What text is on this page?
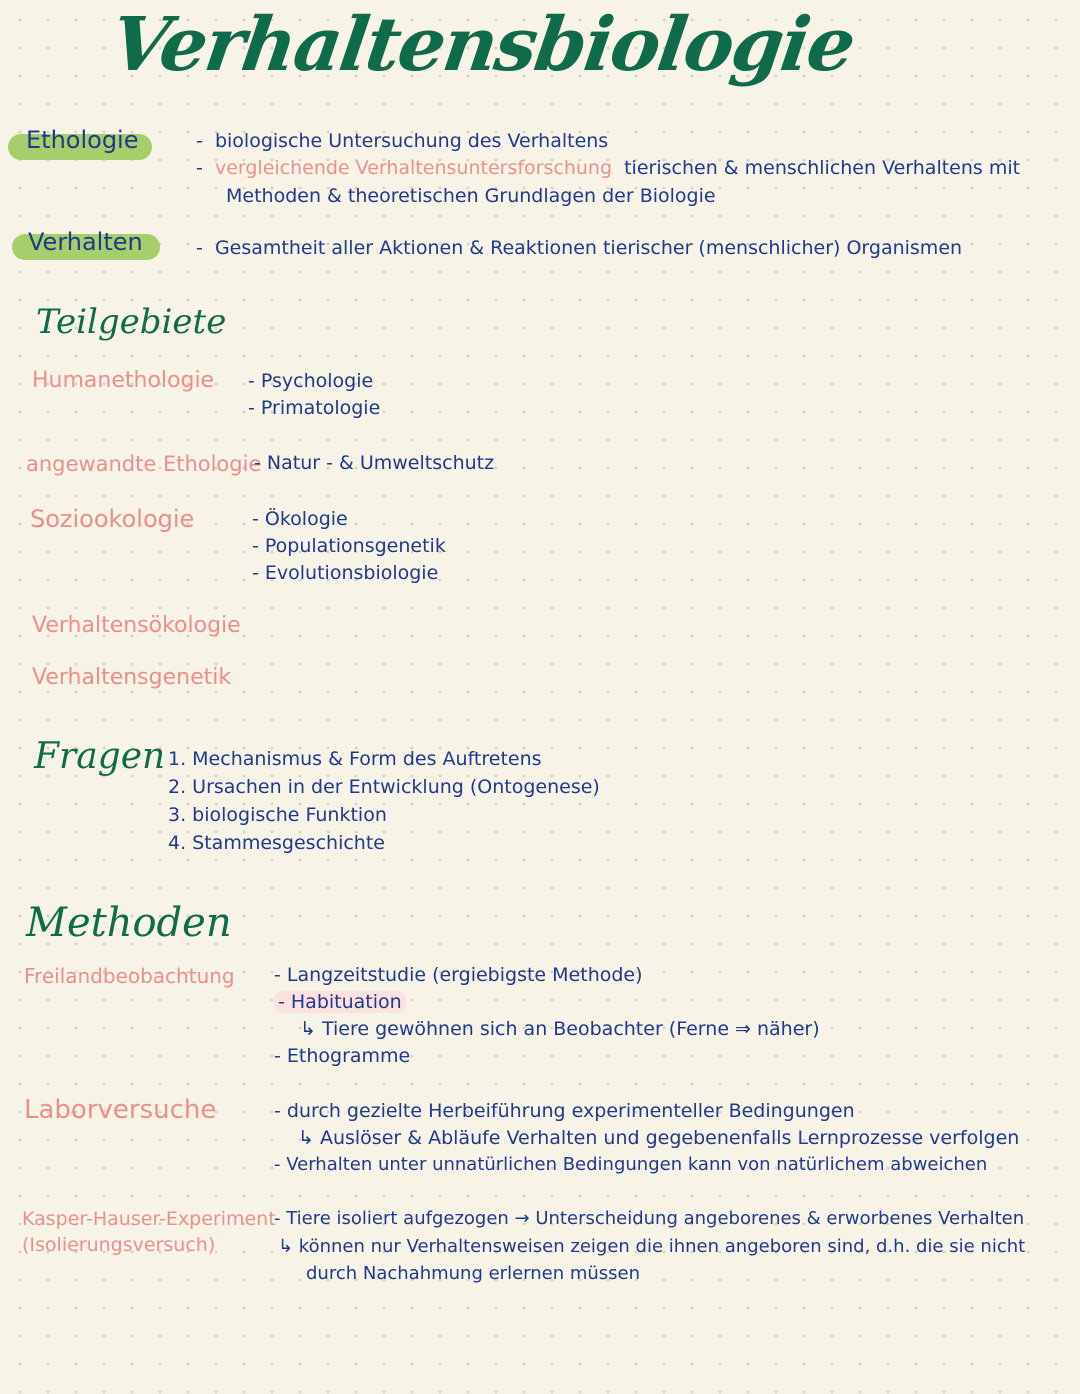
Verhaltensbiologie
Ethologie	- biologische Untersuchung des Verhaltens
- vergleichende Verhaltensuntersforschung tierischen & menschlichen Verhaltens mit
Methoden & theoretischen Grundlagen der Biologie
Verhalten	- Gesamtheit aller Aktionen & Reaktionen tierischer (menschlicher) Organismen
Teilgebiete
Humanethologie - Psychologie
- Primatologie
angewandte Ethologie
- Natur - & Umweltschutz
Soziookologie	- Ökologie
- Populationsgenetik
- Evolutionsbiologie
Verhaltensökologie
Verhaltensgenetik
Fragen 1. Mechanismus & Form des Auftretens
2. Ursachen in der Entwicklung (Ontogenese)
3. biologische Funktion
4. Stammesgeschichte
Methoden
Freilandbeobachtung - Langzeitstudie (ergiebigste Methode)
- Habituation
↳ Tiere gewöhnen sich an Beobachter (Ferne ⇒ näher)
- Ethogramme
Laborversuche	- durch gezielte Herbeiführung experimenteller Bedingungen
↳ Auslöser & Abläufe Verhalten und gegebenenfalls Lernprozesse verfolgen
- Verhalten unter unnatürlichen Bedingungen kann von natürlichem abweichen
Kasper-Hauser-Experiment
(Isolierungsversuch)
- Tiere isoliert aufgezogen → Unterscheidung angeborenes & erworbenes Verhalten
↳ können nur Verhaltensweisen zeigen die ihnen angeboren sind, d.h. die sie nicht
durch Nachahmung erlernen müssen
